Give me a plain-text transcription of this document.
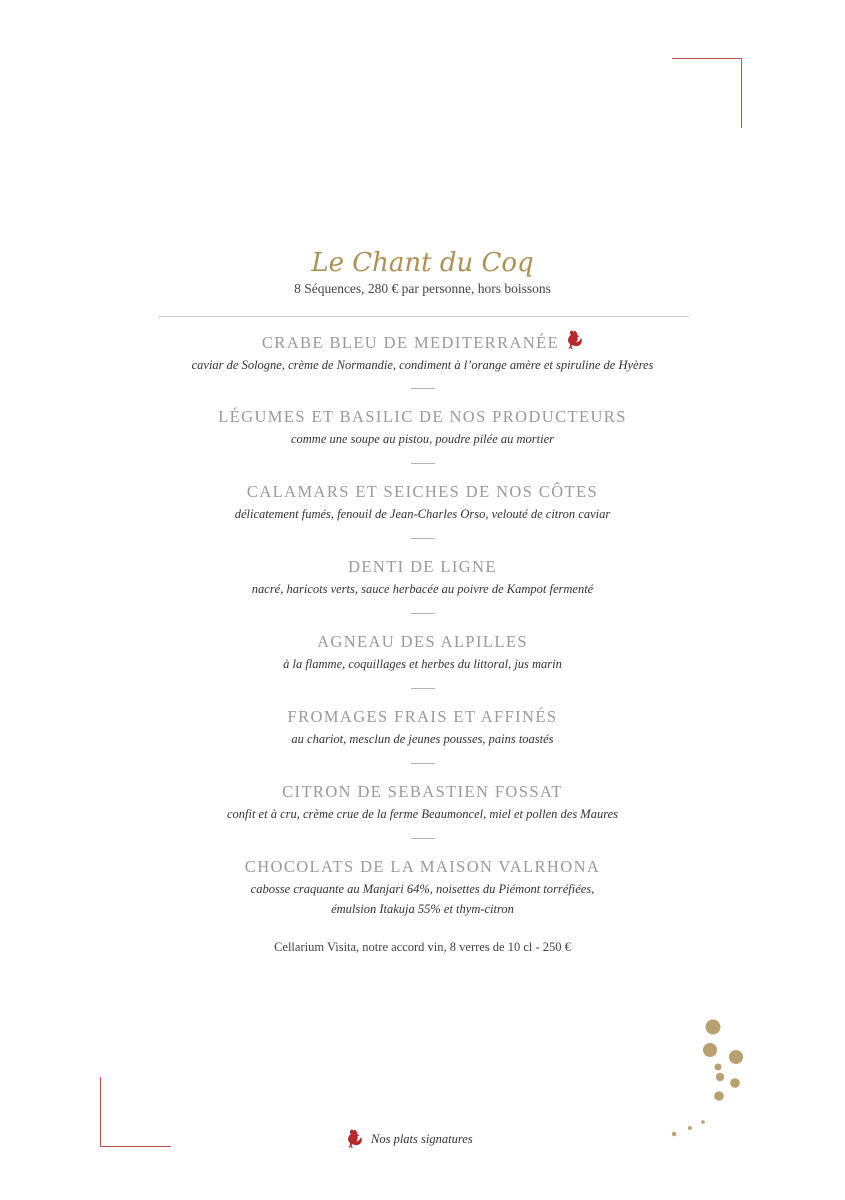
Le Chant du Coq
8 Séquences, 280 € par personne, hors boissons
CRABE BLEU DE MEDITERRANÉE
caviar de Sologne, crème de Normandie, condiment à l’orange amère et spiruline de Hyères
LÉGUMES ET BASILIC DE NOS PRODUCTEURS
comme une soupe au pistou, poudre pilée au mortier
CALAMARS ET SEICHES DE NOS CÔTES
délicatement fumés, fenouil de Jean-Charles Orso, velouté de citron caviar
DENTI DE LIGNE
nacré, haricots verts, sauce herbacée au poivre de Kampot fermenté
AGNEAU DES ALPILLES
à la flamme, coquillages et herbes du littoral, jus marin
FROMAGES FRAIS ET AFFINÉS
au chariot, mesclun de jeunes pousses, pains toastés
CITRON DE SEBASTIEN FOSSAT
confit et à cru, crème crue de la ferme Beaumoncel, miel et pollen des Maures
CHOCOLATS DE LA MAISON VALRHONA
cabosse craquante au Manjari 64%, noisettes du Piémont torréfiées,
émulsion Itakuja 55% et thym-citron
Cellarium Visita, notre accord vin, 8 verres de 10 cl - 250 €
Nos plats signatures
